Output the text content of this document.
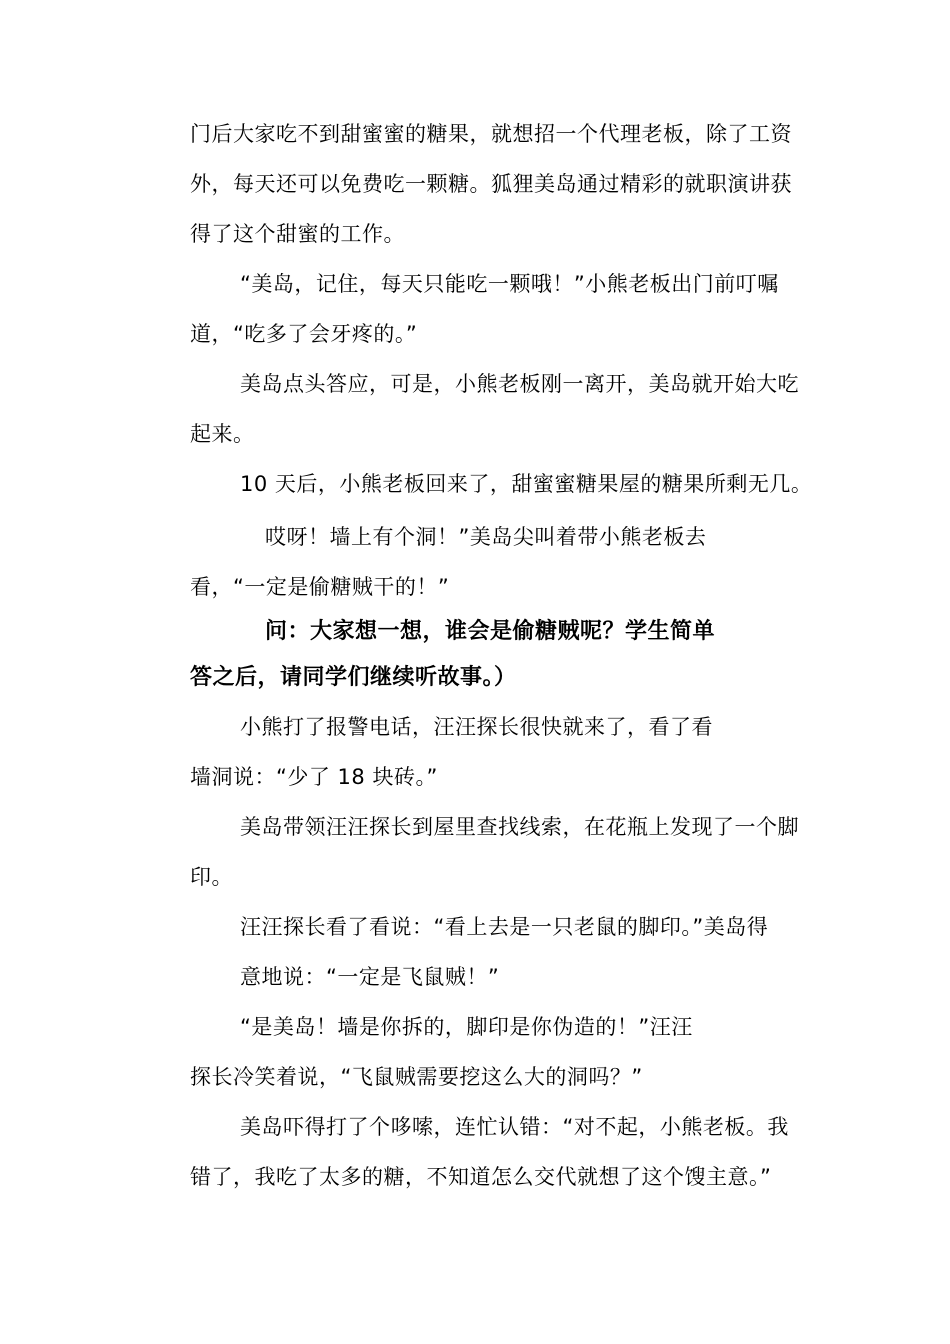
门后大家吃不到甜蜜蜜的糖果，就想招一个代理老板，除了工资
外，每天还可以免费吃一颗糖。狐狸美岛通过精彩的就职演讲获
得了这个甜蜜的工作。
“美岛，记住，每天只能吃一颗哦！”小熊老板出门前叮嘱
道，“吃多了会牙疼的。”
美岛点头答应，可是，小熊老板刚一离开，美岛就开始大吃
起来。
10 天后，小熊老板回来了，甜蜜蜜糖果屋的糖果所剩无几。
哎呀！墙上有个洞！”美岛尖叫着带小熊老板去
看，“一定是偷糖贼干的！”
问：大家想一想，谁会是偷糖贼呢？学生简单
答之后，请同学们继续听故事。）
小熊打了报警电话，汪汪探长很快就来了，看了看
墙洞说：“少了 18 块砖。”
美岛带领汪汪探长到屋里查找线索，在花瓶上发现了一个脚
印。
汪汪探长看了看说：“看上去是一只老鼠的脚印。”美岛得
意地说：“一定是飞鼠贼！”
“是美岛！墙是你拆的，脚印是你伪造的！”汪汪
探长冷笑着说，“飞鼠贼需要挖这么大的洞吗？”
美岛吓得打了个哆嗦，连忙认错：“对不起，小熊老板。我
错了，我吃了太多的糖，不知道怎么交代就想了这个馊主意。”
